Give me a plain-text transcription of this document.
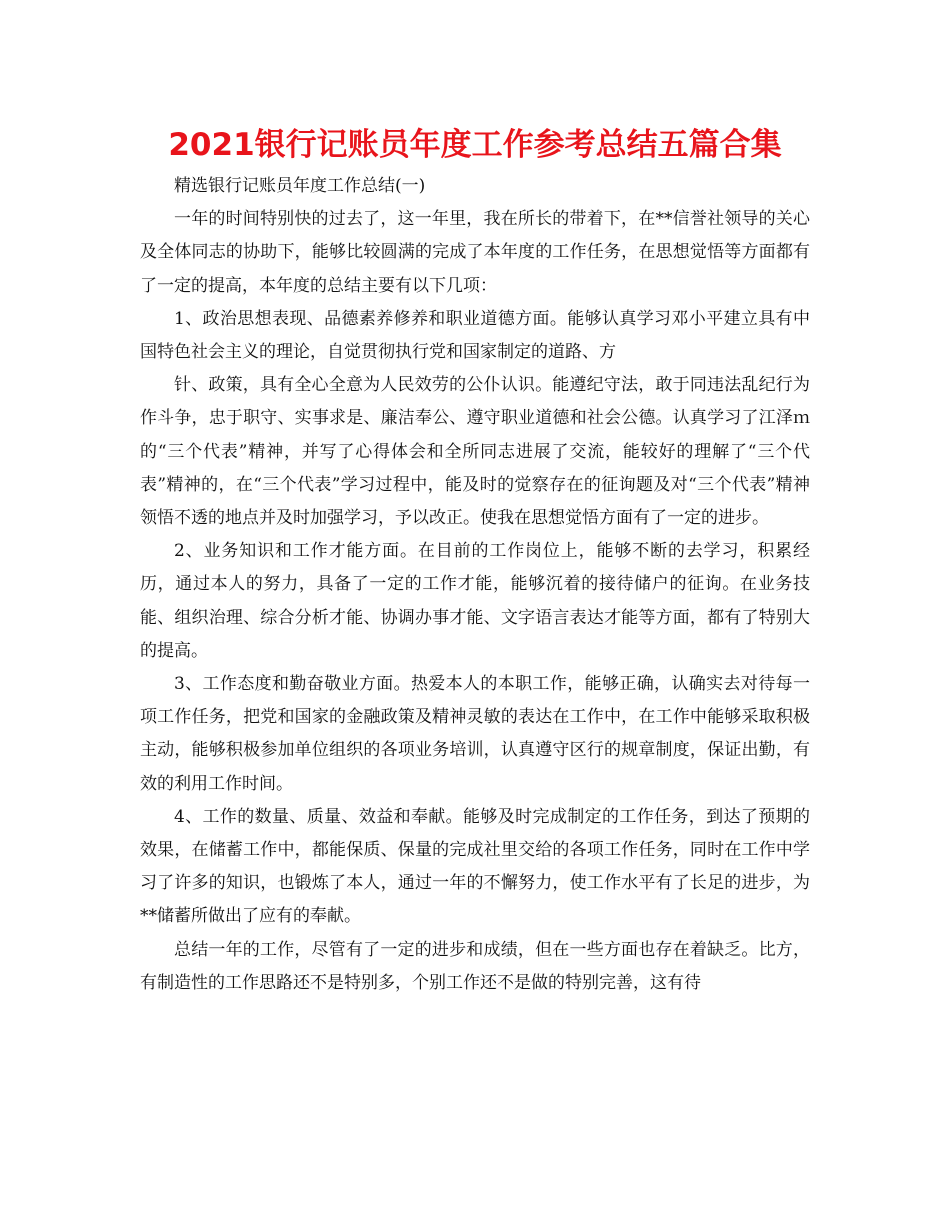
2021银行记账员年度工作参考总结五篇合集

精选银行记账员年度工作总结(一)

一年的时间特别快的过去了，这一年里，我在所长的带着下，在**信誉社领导的关心及全体同志的协助下，能够比较圆满的完成了本年度的工作任务，在思想觉悟等方面都有了一定的提高，本年度的总结主要有以下几项：

1、政治思想表现、品德素养修养和职业道德方面。能够认真学习邓小平建立具有中国特色社会主义的理论，自觉贯彻执行党和国家制定的道路、方

针、政策，具有全心全意为人民效劳的公仆认识。能遵纪守法，敢于同违法乱纪行为作斗争，忠于职守、实事求是、廉洁奉公、遵守职业道德和社会公德。认真学习了江泽ｍ的“三个代表”精神，并写了心得体会和全所同志进展了交流，能较好的理解了“三个代表”精神的，在“三个代表”学习过程中，能及时的觉察存在的征询题及对“三个代表”精神领悟不透的地点并及时加强学习，予以改正。使我在思想觉悟方面有了一定的进步。

2、业务知识和工作才能方面。在目前的工作岗位上，能够不断的去学习，积累经历，通过本人的努力，具备了一定的工作才能，能够沉着的接待储户的征询。在业务技能、组织治理、综合分析才能、协调办事才能、文字语言表达才能等方面，都有了特别大的提高。

3、工作态度和勤奋敬业方面。热爱本人的本职工作，能够正确，认确实去对待每一项工作任务，把党和国家的金融政策及精神灵敏的表达在工作中，在工作中能够采取积极主动，能够积极参加单位组织的各项业务培训，认真遵守区行的规章制度，保证出勤，有效的利用工作时间。

4、工作的数量、质量、效益和奉献。能够及时完成制定的工作任务，到达了预期的效果，在储蓄工作中，都能保质、保量的完成社里交给的各项工作任务，同时在工作中学习了许多的知识，也锻炼了本人，通过一年的不懈努力，使工作水平有了长足的进步，为**储蓄所做出了应有的奉献。

总结一年的工作，尽管有了一定的进步和成绩，但在一些方面也存在着缺乏。比方，有制造性的工作思路还不是特别多，个别工作还不是做的特别完善，这有待
